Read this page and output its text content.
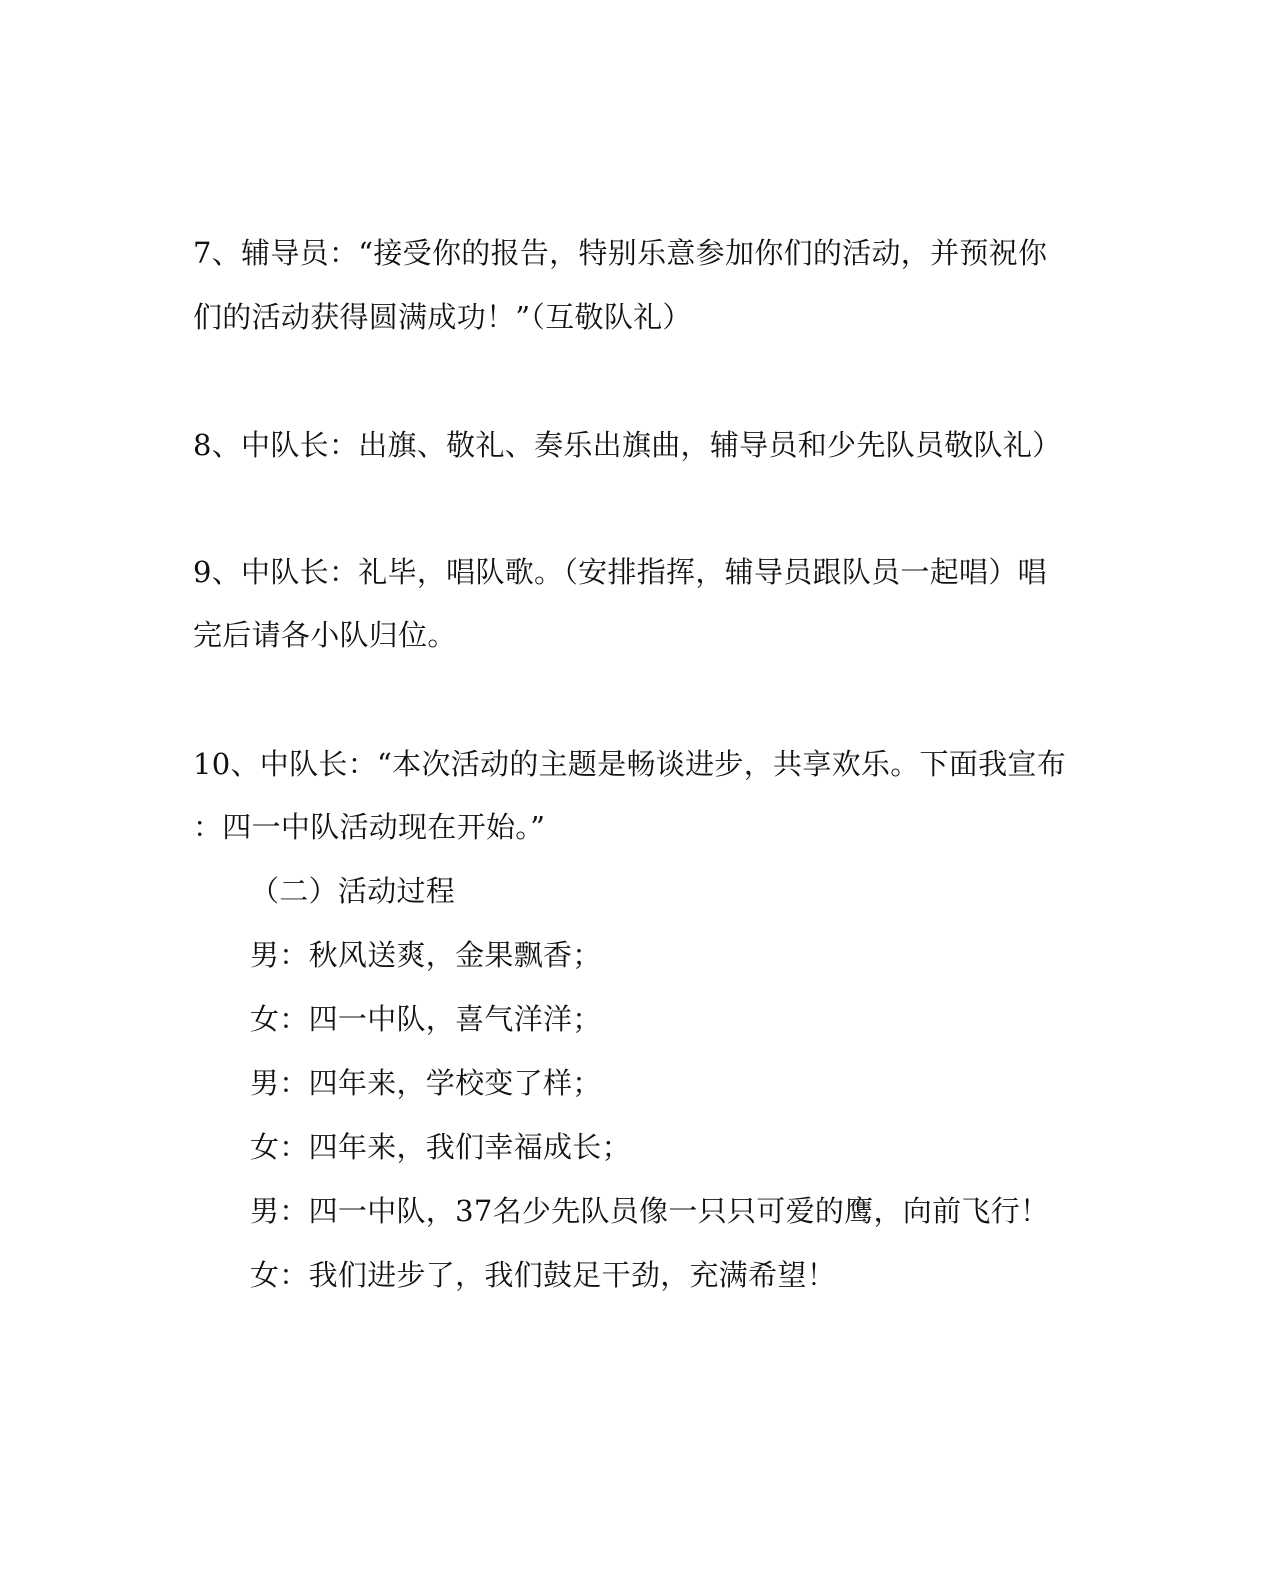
7、辅导员：“接受你的报告，特别乐意参加你们的活动，并预祝你
们的活动获得圆满成功！”（互敬队礼）
8、中队长：出旗、敬礼、奏乐出旗曲，辅导员和少先队员敬队礼）
9、中队长：礼毕，唱队歌。（安排指挥，辅导员跟队员一起唱）唱
完后请各小队归位。
10、中队长：“本次活动的主题是畅谈进步，共享欢乐。下面我宣布
：四一中队活动现在开始。”
（二）活动过程
男：秋风送爽，金果飘香；
女：四一中队，喜气洋洋；
男：四年来，学校变了样；
女：四年来，我们幸福成长；
男：四一中队，37名少先队员像一只只可爱的鹰，向前飞行！
女：我们进步了，我们鼓足干劲，充满希望！
